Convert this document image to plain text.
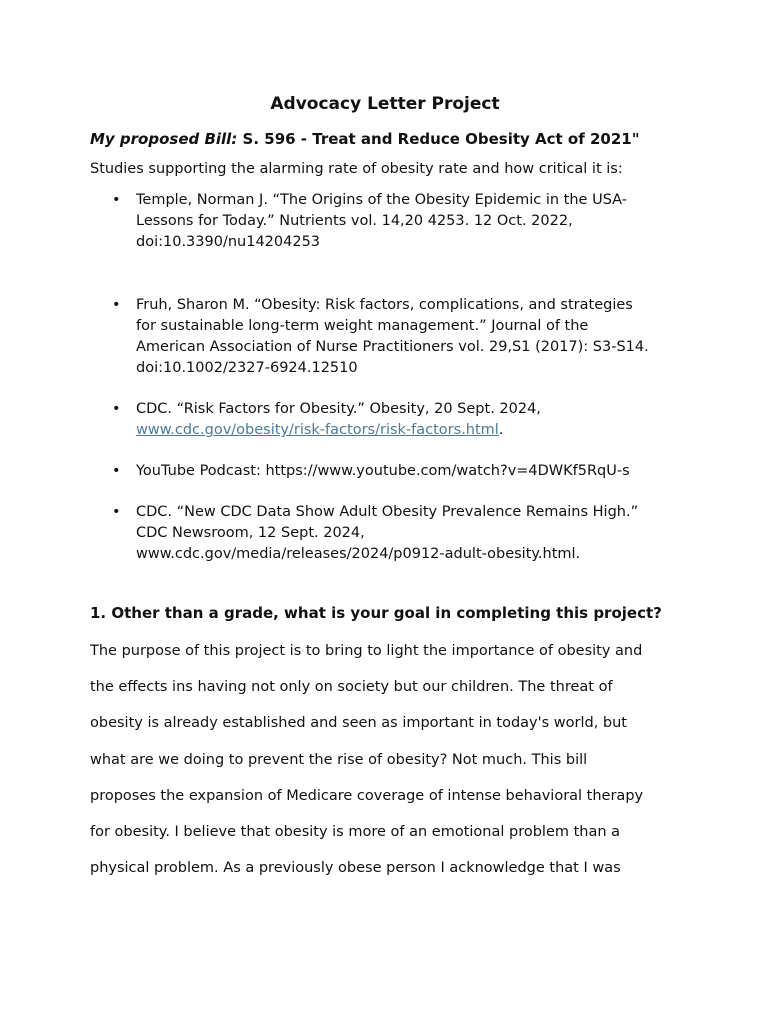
Advocacy Letter Project
My proposed Bill: S. 596 - Treat and Reduce Obesity Act of 2021"
Studies supporting the alarming rate of obesity rate and how critical it is:
• Temple, Norman J. “The Origins of the Obesity Epidemic in the USA-
Lessons for Today.” Nutrients vol. 14,20 4253. 12 Oct. 2022,
doi:10.3390/nu14204253
• Fruh, Sharon M. “Obesity: Risk factors, complications, and strategies
for sustainable long-term weight management.” Journal of the
American Association of Nurse Practitioners vol. 29,S1 (2017): S3-S14.
doi:10.1002/2327-6924.12510
• CDC. “Risk Factors for Obesity.” Obesity, 20 Sept. 2024,
www.cdc.gov/obesity/risk-factors/risk-factors.html.
• YouTube Podcast: https://www.youtube.com/watch?v=4DWKf5RqU-s
• CDC. “New CDC Data Show Adult Obesity Prevalence Remains High.”
CDC Newsroom, 12 Sept. 2024,
www.cdc.gov/media/releases/2024/p0912-adult-obesity.html.
1. Other than a grade, what is your goal in completing this project?
The purpose of this project is to bring to light the importance of obesity and
the effects ins having not only on society but our children. The threat of
obesity is already established and seen as important in today's world, but
what are we doing to prevent the rise of obesity? Not much. This bill
proposes the expansion of Medicare coverage of intense behavioral therapy
for obesity. I believe that obesity is more of an emotional problem than a
physical problem. As a previously obese person I acknowledge that I was
